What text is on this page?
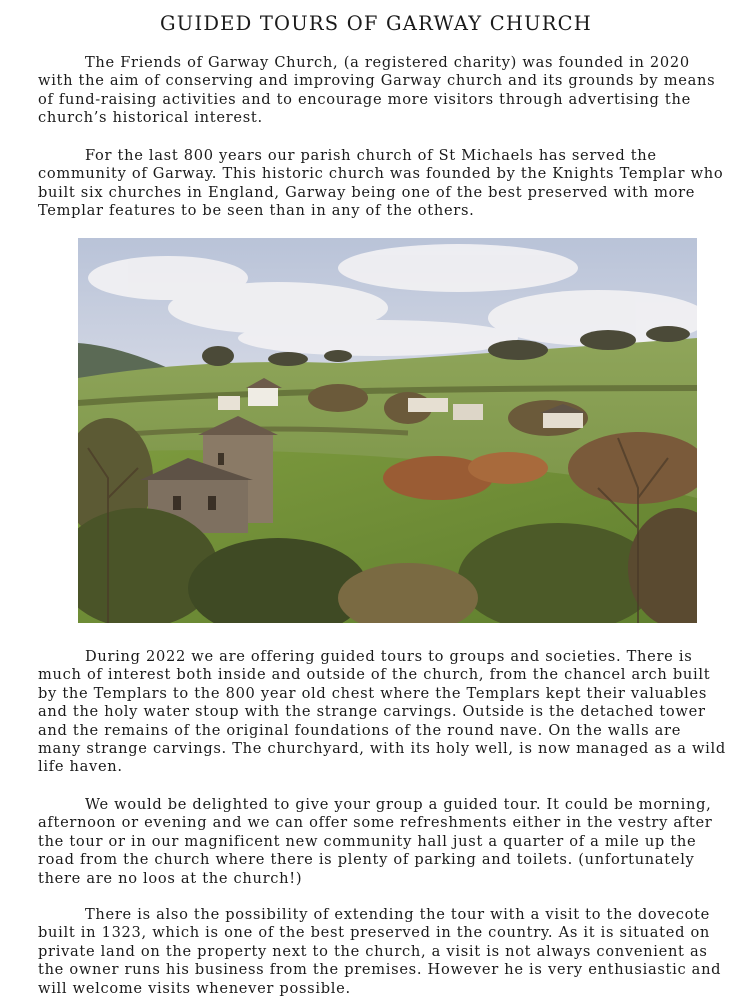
GUIDED TOURS OF GARWAY CHURCH

The Friends of Garway Church, (a registered charity) was founded in 2020 with the aim of conserving and improving Garway church and its grounds by means of fund-raising activities and to encourage more visitors through advertising the church’s historical interest.

For the last 800 years our parish church of St Michaels has served the community of Garway. This historic church was founded by the Knights Templar who built six churches in England, Garway being one of the best preserved with more Templar features to be seen than in any of the others.

During 2022 we are offering guided tours to groups and societies. There is much of interest both inside and outside of the church, from the chancel arch built by the Templars to the 800 year old chest where the Templars kept their valuables and the holy water stoup with the strange carvings. Outside is the detached tower and the remains of the original foundations of the round nave. On the walls are many strange carvings. The churchyard, with its holy well, is now managed as a wild life haven.

We would be delighted to give your group a guided tour. It could be morning, afternoon or evening and we can offer some refreshments either in the vestry after the tour or in our magnificent new community hall just a quarter of a mile up the road from the church where there is plenty of parking and toilets. (unfortunately there are no loos at the church!)

There is also the possibility of extending the tour with a visit to the dovecote built in 1323, which is one of the best preserved in the country. As it is situated on private land on the property next to the church, a visit is not always convenient as the owner runs his business from the premises. However he is very enthusiastic and will welcome visits whenever possible.
